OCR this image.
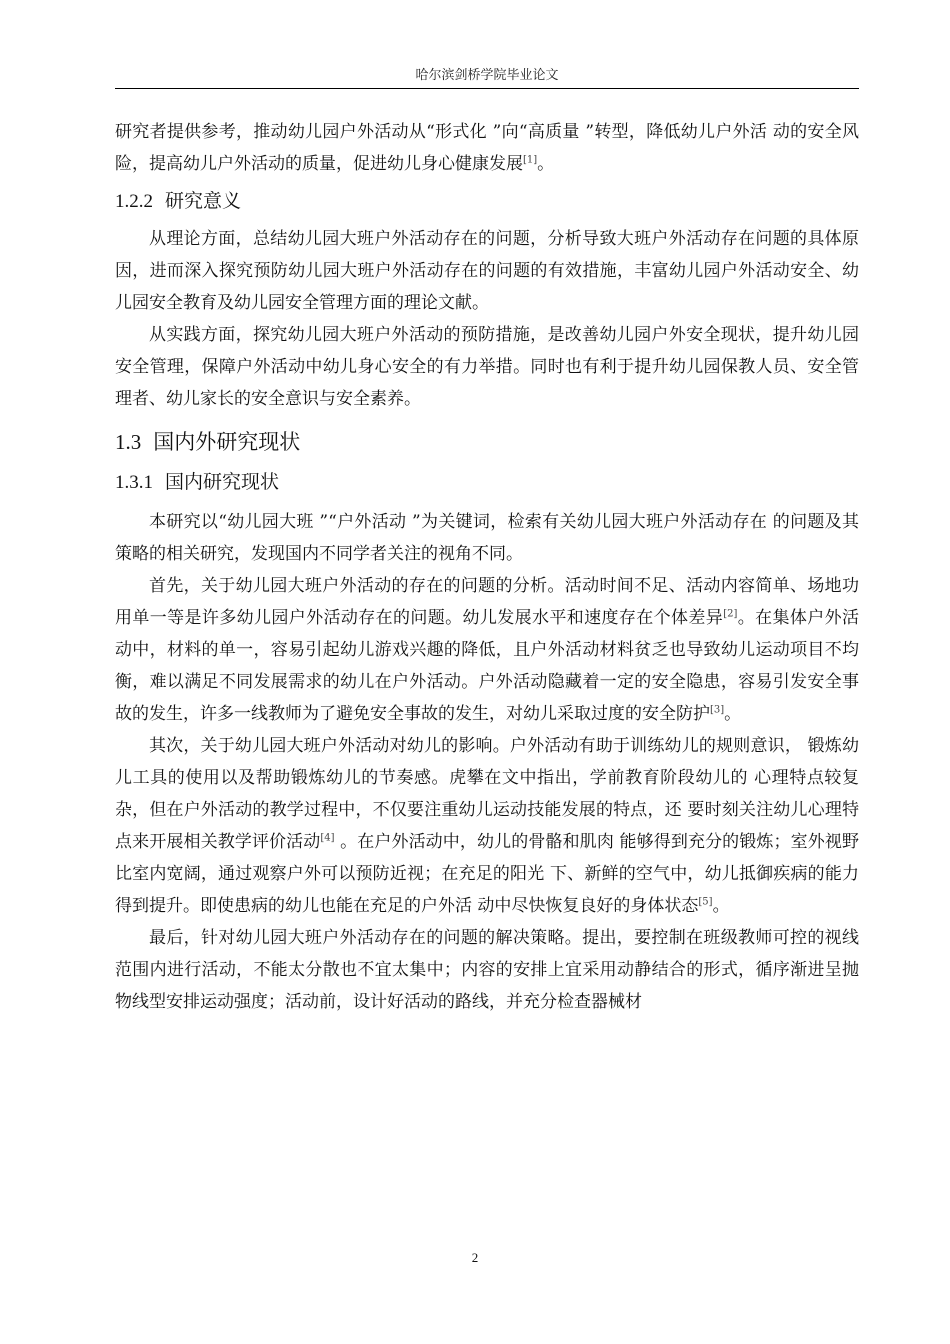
哈尔滨剑桥学院毕业论文

研究者提供参考，推动幼儿园户外活动从“形式化 ”向“高质量 ”转型，降低幼儿户外活 动的安全风险，提高幼儿户外活动的质量，促进幼儿身心健康发展[1]。

1.2.2 研究意义

从理论方面，总结幼儿园大班户外活动存在的问题，分析导致大班户外活动存在问题的具体原因，进而深入探究预防幼儿园大班户外活动存在的问题的有效措施，丰富幼儿园户外活动安全、幼儿园安全教育及幼儿园安全管理方面的理论文献。

从实践方面，探究幼儿园大班户外活动的预防措施，是改善幼儿园户外安全现状，提升幼儿园安全管理，保障户外活动中幼儿身心安全的有力举措。同时也有利于提升幼儿园保教人员、安全管理者、幼儿家长的安全意识与安全素养。

1.3 国内外研究现状
1.3.1 国内研究现状

本研究以“幼儿园大班 ”“户外活动 ”为关键词，检索有关幼儿园大班户外活动存在 的问题及其策略的相关研究，发现国内不同学者关注的视角不同。

首先，关于幼儿园大班户外活动的存在的问题的分析。活动时间不足、活动内容简单、场地功用单一等是许多幼儿园户外活动存在的问题。幼儿发展水平和速度存在个体差异[2]。在集体户外活动中，材料的单一，容易引起幼儿游戏兴趣的降低，且户外活动材料贫乏也导致幼儿运动项目不均衡，难以满足不同发展需求的幼儿在户外活动。户外活动隐藏着一定的安全隐患，容易引发安全事故的发生，许多一线教师为了避免安全事故的发生，对幼儿采取过度的安全防护[3]。

其次，关于幼儿园大班户外活动对幼儿的影响。户外活动有助于训练幼儿的规则意识， 锻炼幼儿工具的使用以及帮助锻炼幼儿的节奏感。虎攀在文中指出，学前教育阶段幼儿的 心理特点较复杂，但在户外活动的教学过程中，不仅要注重幼儿运动技能发展的特点，还 要时刻关注幼儿心理特点来开展相关教学评价活动[4] 。在户外活动中，幼儿的骨骼和肌肉 能够得到充分的锻炼；室外视野比室内宽阔，通过观察户外可以预防近视；在充足的阳光 下、新鲜的空气中，幼儿抵御疾病的能力得到提升。即使患病的幼儿也能在充足的户外活 动中尽快恢复良好的身体状态[5]。

最后，针对幼儿园大班户外活动存在的问题的解决策略。提出，要控制在班级教师可控的视线范围内进行活动，不能太分散也不宜太集中；内容的安排上宜采用动静结合的形式，循序渐进呈抛物线型安排运动强度；活动前，设计好活动的路线，并充分检查器械材

2
